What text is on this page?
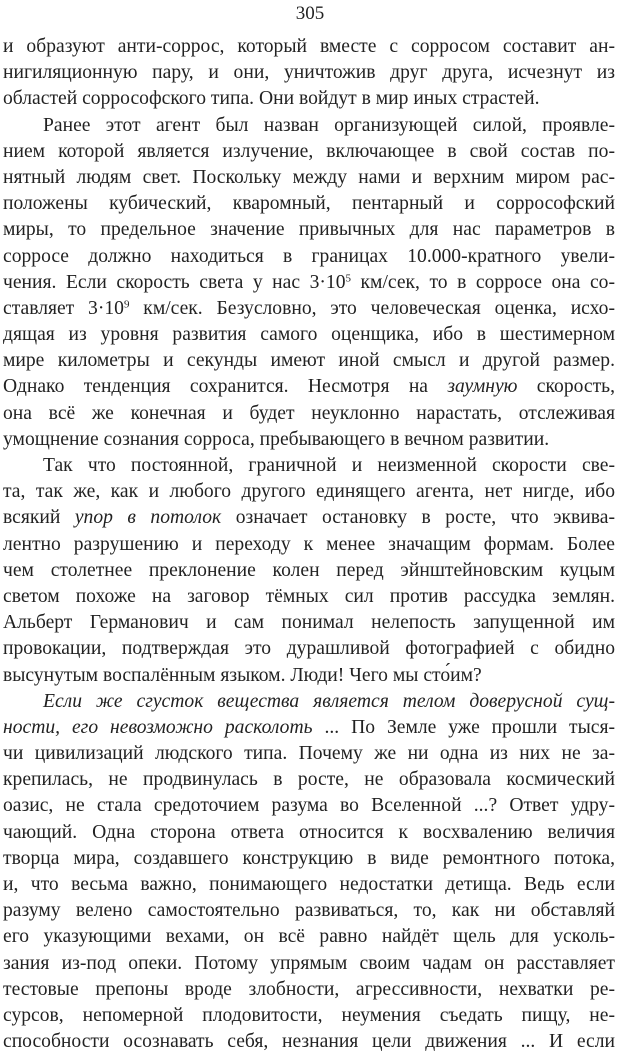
305
и образуют анти-соррос, который вместе с сорросом составит ан-
нигиляционную пару, и они, уничтожив друг друга, исчезнут из
областей соррософского типа. Они войдут в мир иных страстей.
Ранее этот агент был назван организующей силой, проявле-
нием которой является излучение, включающее в свой состав по-
нятный людям свет. Поскольку между нами и верхним миром рас-
положены кубический, кваромный, пентарный и соррософский
миры, то предельное значение привычных для нас параметров в
сорросе должно находиться в границах 10.000-кратного увели-
чения. Если скорость света у нас $3\cdot 10^5$ км/сек, то в сорросе она со-
ставляет $3\cdot 10^9$ км/сек. Безусловно, это человеческая оценка, исхо-
дящая из уровня развития самого оценщика, ибо в шестимерном
мире километры и секунды имеют иной смысл и другой размер.
Однако тенденция сохранится. Несмотря на заумную скорость,
она всё же конечная и будет неуклонно нарастать, отслеживая
умощнение сознания сорроса, пребывающего в вечном развитии.
Так что постоянной, граничной и неизменной скорости све-
та, так же, как и любого другого единящего агента, нет нигде, ибо
всякий упор в потолок означает остановку в росте, что эквива-
лентно разрушению и переходу к менее значащим формам. Более
чем столетнее преклонение колен перед эйнштейновским куцым
светом похоже на заговор тёмных сил против рассудка землян.
Альберт Германович и сам понимал нелепость запущенной им
провокации, подтверждая это дурашливой фотографией с обидно
высунутым воспалённым языком. Люди! Чего мы сто́им?
Если же сгусток вещества является телом доверусной сущ-
ности, его невозможно расколоть ... По Земле уже прошли тыся-
чи цивилизаций людского типа. Почему же ни одна из них не за-
крепилась, не продвинулась в росте, не образовала космический
оазис, не стала средоточием разума во Вселенной ...? Ответ удру-
чающий. Одна сторона ответа относится к восхвалению величия
творца мира, создавшего конструкцию в виде ремонтного потока,
и, что весьма важно, понимающего недостатки детища. Ведь если
разуму велено самостоятельно развиваться, то, как ни обставляй
его указующими вехами, он всё равно найдёт щель для усколь-
зания из-под опеки. Потому упрямым своим чадам он расставляет
тестовые препоны вроде злобности, агрессивности, нехватки ре-
сурсов, непомерной плодовитости, неумения съедать пищу, не-
способности осознавать себя, незнания цели движения ... И если
